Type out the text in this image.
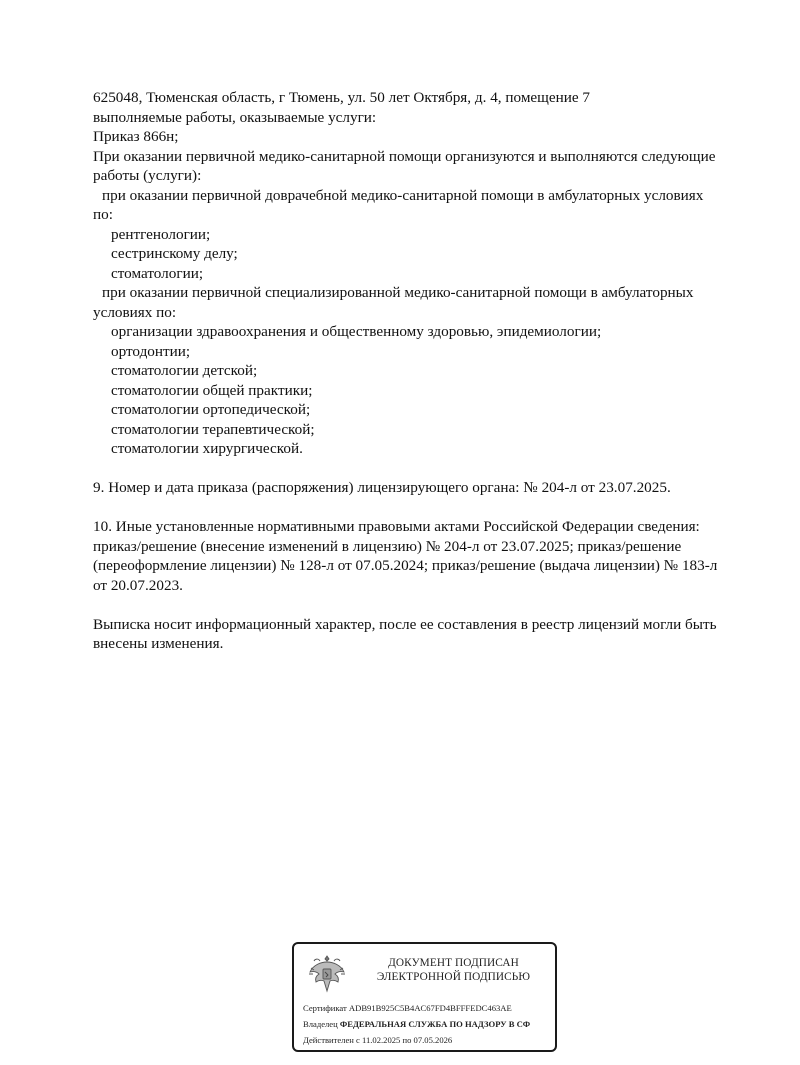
625048, Тюменская область, г Тюмень, ул. 50 лет Октября, д. 4, помещение 7
выполняемые работы, оказываемые услуги:
Приказ 866н;
При оказании первичной медико-санитарной помощи организуются и выполняются следующие
работы (услуги):
при оказании первичной доврачебной медико-санитарной помощи в амбулаторных условиях
по:
рентгенологии;
сестринскому делу;
стоматологии;
при оказании первичной специализированной медико-санитарной помощи в амбулаторных
условиях по:
организации здравоохранения и общественному здоровью, эпидемиологии;
ортодонтии;
стоматологии детской;
стоматологии общей практики;
стоматологии ортопедической;
стоматологии терапевтической;
стоматологии хирургической.
9. Номер и дата приказа (распоряжения) лицензирующего органа: № 204-л от 23.07.2025.
10. Иные установленные нормативными правовыми актами Российской Федерации сведения:
приказ/решение (внесение изменений в лицензию) № 204-л от 23.07.2025; приказ/решение
(переоформление лицензии) № 128-л от 07.05.2024; приказ/решение (выдача лицензии) № 183-л
от 20.07.2023.
Выписка носит информационный характер, после ее составления в реестр лицензий могли быть
внесены изменения.
ДОКУМЕНТ ПОДПИСАН
ЭЛЕКТРОННОЙ ПОДПИСЬЮ
Сертификат ADB91B925C5B4AC67FD4BFFFEDC463AE
Владелец ФЕДЕРАЛЬНАЯ СЛУЖБА ПО НАДЗОРУ В СФ
Действителен с 11.02.2025 по 07.05.2026
